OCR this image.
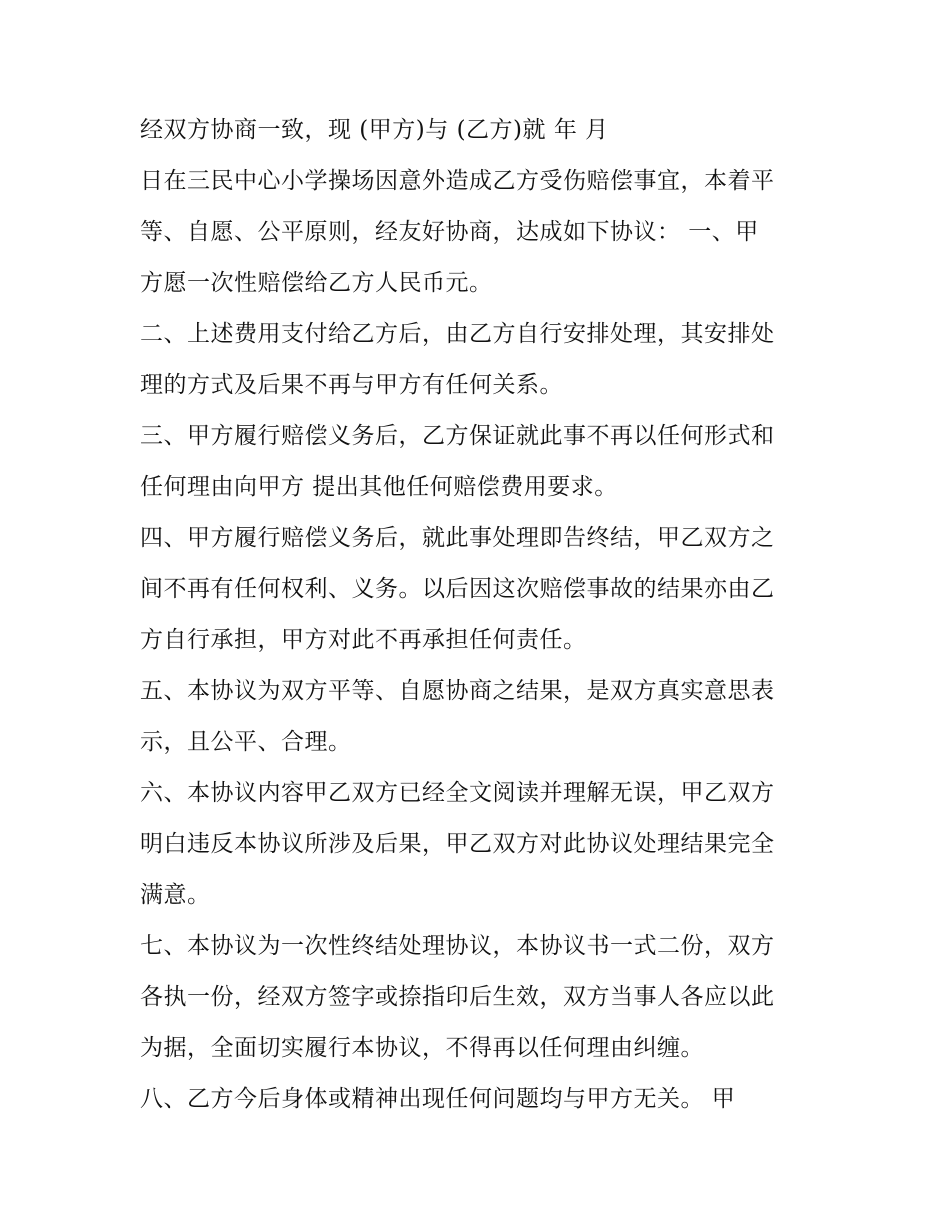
经双方协商一致，现 (甲方)与 (乙方)就 年 月
日在三民中心小学操场因意外造成乙方受伤赔偿事宜，本着平
等、自愿、公平原则，经友好协商，达成如下协议： 一、甲
方愿一次性赔偿给乙方人民币元。
二、上述费用支付给乙方后，由乙方自行安排处理，其安排处
理的方式及后果不再与甲方有任何关系。
三、甲方履行赔偿义务后，乙方保证就此事不再以任何形式和
任何理由向甲方 提出其他任何赔偿费用要求。
四、甲方履行赔偿义务后，就此事处理即告终结，甲乙双方之
间不再有任何权利、义务。以后因这次赔偿事故的结果亦由乙
方自行承担，甲方对此不再承担任何责任。
五、本协议为双方平等、自愿协商之结果，是双方真实意思表
示，且公平、合理。
六、本协议内容甲乙双方已经全文阅读并理解无误，甲乙双方
明白违反本协议所涉及后果，甲乙双方对此协议处理结果完全
满意。
七、本协议为一次性终结处理协议，本协议书一式二份，双方
各执一份，经双方签字或捺指印后生效，双方当事人各应以此
为据，全面切实履行本协议，不得再以任何理由纠缠。
八、乙方今后身体或精神出现任何问题均与甲方无关。 甲
